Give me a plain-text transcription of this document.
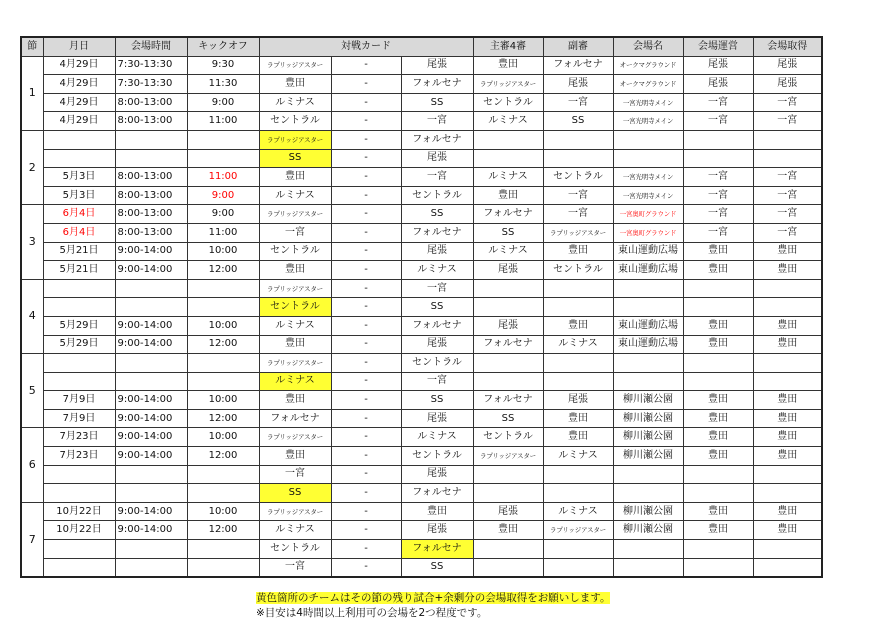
節	月日	会場時間	キックオフ	対戦カード			主審4審	副審	会場名	会場運営	会場取得
1	4月29日	7:30-13:30	9:30	ラプリッジアスター	-	尾張	豊田	フォルセナ	オークマグラウンド	尾張	尾張
	4月29日	7:30-13:30	11:30	豊田	-	フォルセナ	ラプリッジアスター	尾張	オークマグラウンド	尾張	尾張
	4月29日	8:00-13:00	9:00	ルミナス	-	SS	セントラル	一宮	一宮光明寺メイン	一宮	一宮
	4月29日	8:00-13:00	11:00	セントラル	-	一宮	ルミナス	SS	一宮光明寺メイン	一宮	一宮
2				ラプリッジアスター	-	フォルセナ					
				SS	-	尾張					
	5月3日	8:00-13:00	11:00	豊田	-	一宮	ルミナス	セントラル	一宮光明寺メイン	一宮	一宮
	5月3日	8:00-13:00	9:00	ルミナス	-	セントラル	豊田	一宮	一宮光明寺メイン	一宮	一宮
3	6月4日	8:00-13:00	9:00	ラプリッジアスター	-	SS	フォルセナ	一宮	一宮奥町グラウンド	一宮	一宮
	6月4日	8:00-13:00	11:00	一宮	-	フォルセナ	SS	ラプリッジアスター	一宮奥町グラウンド	一宮	一宮
	5月21日	9:00-14:00	10:00	セントラル	-	尾張	ルミナス	豊田	東山運動広場	豊田	豊田
	5月21日	9:00-14:00	12:00	豊田	-	ルミナス	尾張	セントラル	東山運動広場	豊田	豊田
4				ラプリッジアスター	-	一宮					
				セントラル	-	SS					
	5月29日	9:00-14:00	10:00	ルミナス	-	フォルセナ	尾張	豊田	東山運動広場	豊田	豊田
	5月29日	9:00-14:00	12:00	豊田	-	尾張	フォルセナ	ルミナス	東山運動広場	豊田	豊田
5				ラプリッジアスター	-	セントラル					
				ルミナス	-	一宮					
	7月9日	9:00-14:00	10:00	豊田	-	SS	フォルセナ	尾張	柳川瀬公園	豊田	豊田
	7月9日	9:00-14:00	12:00	フォルセナ	-	尾張	SS	豊田	柳川瀬公園	豊田	豊田
6	7月23日	9:00-14:00	10:00	ラプリッジアスター	-	ルミナス	セントラル	豊田	柳川瀬公園	豊田	豊田
	7月23日	9:00-14:00	12:00	豊田	-	セントラル	ラプリッジアスター	ルミナス	柳川瀬公園	豊田	豊田
				一宮	-	尾張					
				SS	-	フォルセナ					
7	10月22日	9:00-14:00	10:00	ラプリッジアスター	-	豊田	尾張	ルミナス	柳川瀬公園	豊田	豊田
	10月22日	9:00-14:00	12:00	ルミナス	-	尾張	豊田	ラプリッジアスター	柳川瀬公園	豊田	豊田
				セントラル	-	フォルセナ					
				一宮	-	SS					
黄色箇所のチームはその節の残り試合+余剰分の会場取得をお願いします。
※目安は4時間以上利用可の会場を2つ程度です。
